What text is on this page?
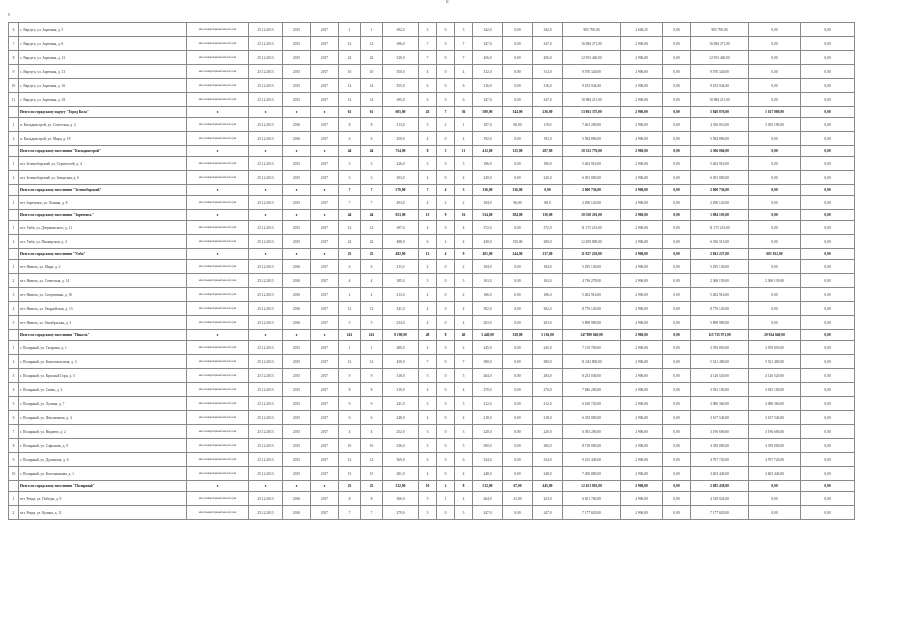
8
8
6	с. Варзуга, ул. Заречная, д. 5	многоквартирный жилой дом	25.12.2013	2015	2017	1	1	392,0	3	0	3	342,0	0,00	342,0	905 700,00	2 648,25	0,00	905 700,00	0,00	0,00
7	с. Варзуга, ул. Заречная, д. 6	многоквартирный жилой дом	25.12.2013	2015	2017	12	12	396,0	7	0	7	347,0	0,00	347,0	16 084 271,00	2 906,00	0,00	16 084 271,00	0,00	0,00
8	с. Варзуга, ул. Заречная, д. 12	многоквартирный жилой дом	25.12.2013	2015	2017	22	22	520,0	7	0	7	456,0	0,00	456,0	12 953 440,00	2 906,00	0,00	12 953 440,00	0,00	0,00
9	с. Варзуга, ул. Заречная, д. 13	многоквартирный жилой дом	25.12.2013	2015	2017	10	10	350,0	4	0	4	312,0	0,00	312,0	9 070 320,00	2 906,00	0,00	9 070 320,00	0,00	0,00
10	с. Варзуга, ул. Заречная, д. 16	многоквартирный жилой дом	25.12.2013	2015	2017	14	14	355,0	6	0	6	316,0	0,00	316,0	9 183 944,00	2 906,00	0,00	9 183 944,00	0,00	0,00
11	с. Варзуга, ул. Заречная, д. 18	многоквартирный жилой дом	25.12.2013	2015	2017	14	14	395,0	6	0	6	347,0	0,00	347,0	10 084 211,00	2 906,00	0,00	10 084 211,00	0,00	0,00
	Итого по городскому округу "Город Кола"	х	х	х	х	61	61	605,00	43	7	36	580,00	344,00	236,00	13 861 375,00	2 906,00	0,00	5 840 076,00	1 167 880,00	0,00
1	п. Кильдинстрой, ул. Советская, д. 2	многоквартирный жилой дом	25.12.2013	2016	2017	8	8	213,0	3	2	1	187,0	68,00	119,0	7 661 200,00	2 906,00	0,00	4 356 010,00	3 305 190,00	0,00
2	п. Кильдинстрой, ул. Мира, д. 19	многоквартирный жилой дом	25.12.2013	2016	2017	6	6	250,0	4	0	4	192,0	0,00	192,0	5 584 896,00	2 906,00	0,00	5 584 896,00	0,00	0,00
	Итого по городскому поселению "Кильдинстрой"	х	х	х	х	44	44	754,00	8	3	11	412,00	125,00	287,00	10 323 776,00	2 906,00	0,00	2 306 066,00	0,00	0,00
1	пгт. Зеленоборский, ул. Строителей, д. 4	многоквартирный жилой дом	25.12.2013	2015	2017	3	3	226,0	3	0	3	186,0	0,00	186,0	5 402 916,00	2 906,00	0,00	5 402 916,00	0,00	0,00
2	пгт. Зеленоборский, ул. Заводская, д. 6	многоквартирный жилой дом	25.12.2013	2015	2017	3	3	293,0	4	0	4	220,0	0,00	220,0	6 391 000,00	2 906,00	0,00	6 391 000,00	0,00	0,00
	Итого по городскому поселению "Зеленоборский"	х	х	х	х	7	7	576,00	7	4	3	336,00	336,00	0,00	2 060 736,00	2 906,00	0,00	2 060 736,00	0,00	0,00
1	пгт. Зареченск, ул. Ленина, д. 8	многоквартирный жилой дом	25.12.2013	2015	2017	7	7	293,0	4	2	2	184,0	96,00	88,0	2 296 120,00	2 906,00	0,00	2 296 120,00	0,00	0,00
	Итого по городскому поселению "Зареченск"	х	х	х	х	44	44	923,00	13	9	16	534,00	384,00	150,00	10 550 201,00	2 906,00	0,00	1 084 103,00	0,00	0,00
1	пгт. Умба, ул. Дзержинского, д. 11	многоквартирный жилой дом	25.12.2013	2015	2017	12	12	397,0	4	0	4	372,0	0,00	372,0	11 175 233,00	2 906,00	0,00	11 175 233,00	0,00	0,00
2	пгт. Умба, ул. Пионерская, д. 4	многоквартирный жилой дом	25.12.2013	2015	2017	22	22	488,0	6	2	4	430,0	150,00	280,0	12 495 800,00	2 906,00	0,00	6 356 513,00	0,00	0,00
	Итого по городскому поселению "Умба"	х	х	х	х	25	25	482,00	12	4	9	481,00	244,00	237,00	11 927 230,00	2 906,00	0,00	2 843 227,00	601 812,00	0,00
1	пгт. Никель, ул. Мира, д. 2	многоквартирный жилой дом	25.12.2013	2016	2017	6	6	211,0	2	0	2	184,0	0,00	184,0	5 295 130,00	2 906,00	0,00	5 295 130,00	0,00	0,00
2	пгт. Никель, ул. Советская, д. 14	многоквартирный жилой дом	25.12.2013	2016	2017	4	4	185,0	3	0	3	163,0	0,00	163,0	4 736 278,00	2 906,00	0,00	2 368 139,00	2 368 139,00	0,00
3	пгт. Никель, ул. Спортивная, д. 10	многоквартирный жилой дом	25.12.2013	2016	2017	2	2	213,0	2	0	2	186,0	0,00	186,0	5 402 916,00	2 906,00	0,00	5 402 916,00	0,00	0,00
4	пгт. Никель, ул. Гвардейская, д. 13	многоквартирный жилой дом	25.12.2013	2016	2017	12	12	341,0	4	0	4	302,0	0,00	302,0	8 776 120,00	2 906,00	0,00	8 776 120,00	0,00	0,00
5	пгт. Никель, ул. Октябрьская, д. 3	многоквартирный жилой дом	25.12.2013	2016	2017	5	5	234,0	4	0	4	203,0	0,00	203,0	5 898 980,00	2 906,00	0,00	5 898 980,00	0,00	0,00
	Итого по городскому поселению "Никель"	х	х	х	х	241	241	8 190,00	48	8	40	5 440,00	338,00	5 102,00	147 980 040,00	2 906,00	0,00	115 735 971,00	20 924 040,00	0,00
1	г. Полярный, ул. Гагарина, д. 1	многоквартирный жилой дом	25.12.2013	2015	2017	1	1	280,0	2	0	2	245,0	0,00	245,0	7 119 700,00	2 906,00	0,00	3 559 850,00	3 559 850,00	0,00
2	г. Полярный, ул. Комсомольская, д. 3	многоквартирный жилой дом	25.12.2013	2015	2017	12	12	430,0	7	0	7	380,0	0,00	380,0	11 042 800,00	2 906,00	0,00	5 521 400,00	5 521 400,00	0,00
3	г. Полярный, ул. Красный Горн, д. 5	многоквартирный жилой дом	25.12.2013	2015	2017	9	9	318,0	5	0	5	284,0	0,00	284,0	8 253 040,00	2 906,00	0,00	4 126 520,00	4 126 520,00	0,00
4	г. Полярный, ул. Сивко, д. 3	многоквартирный жилой дом	25.12.2013	2015	2017	8	8	310,0	4	0	4	270,0	0,00	270,0	7 846 200,00	2 906,00	0,00	3 923 100,00	3 923 100,00	0,00
5	г. Полярный, ул. Лунина, д. 7	многоквартирный жилой дом	25.12.2013	2015	2017	9	9	241,0	3	0	3	212,0	0,00	212,0	6 160 720,00	2 906,00	0,00	3 080 360,00	3 080 360,00	0,00
6	г. Полярный, ул. Фисановича, д. 4	многоквартирный жилой дом	25.12.2013	2015	2017	6	6	248,0	4	0	4	218,0	0,00	218,0	6 335 080,00	2 906,00	0,00	3 167 540,00	3 167 540,00	0,00
7	г. Полярный, ул. Видяево, д. 2	многоквартирный жилой дом	25.12.2013	2015	2017	4	4	252,0	3	0	3	220,0	0,00	220,0	6 393 200,00	2 906,00	0,00	3 196 600,00	3 196 600,00	0,00
8	г. Полярный, ул. Сафонова, д. 9	многоквартирный жилой дом	25.12.2013	2015	2017	10	10	336,0	5	0	5	300,0	0,00	300,0	8 718 000,00	2 906,00	0,00	4 359 000,00	4 359 000,00	0,00
9	г. Полярный, ул. Душенова, д. 6	многоквартирный жилой дом	25.12.2013	2015	2017	12	12	369,0	6	0	6	324,0	0,00	324,0	9 415 440,00	2 906,00	0,00	4 707 720,00	4 707 720,00	0,00
10	г. Полярный, ул. Котельникова, д. 1	многоквартирный жилой дом	25.12.2013	2015	2017	15	15	281,0	4	0	4	248,0	0,00	248,0	7 206 880,00	2 906,00	0,00	3 603 440,00	3 603 440,00	0,00
	Итого по городскому поселению "Полярный"	х	х	х	х	25	25	522,00	10	2	8	512,00	67,00	445,00	12 451 801,00	2 906,00	0,00	2 685 438,00	0,00	0,00
1	пгт. Ревда, ул. Победы, д. 9	многоквартирный жилой дом	25.12.2013	2016	2017	8	8	306,0	5	1	4	264,0	41,00	223,0	6 651 760,00	2 906,00	0,00	4 318 024,00	0,00	0,00
2	пгт. Ревда, ул. Кузина, д. 11	многоквартирный жилой дом	25.12.2013	2016	2017	7	7	279,0	3	0	3	247,0	0,00	247,0	7 177 820,00	2 906,00	0,00	7 177 820,00	0,00	0,00
